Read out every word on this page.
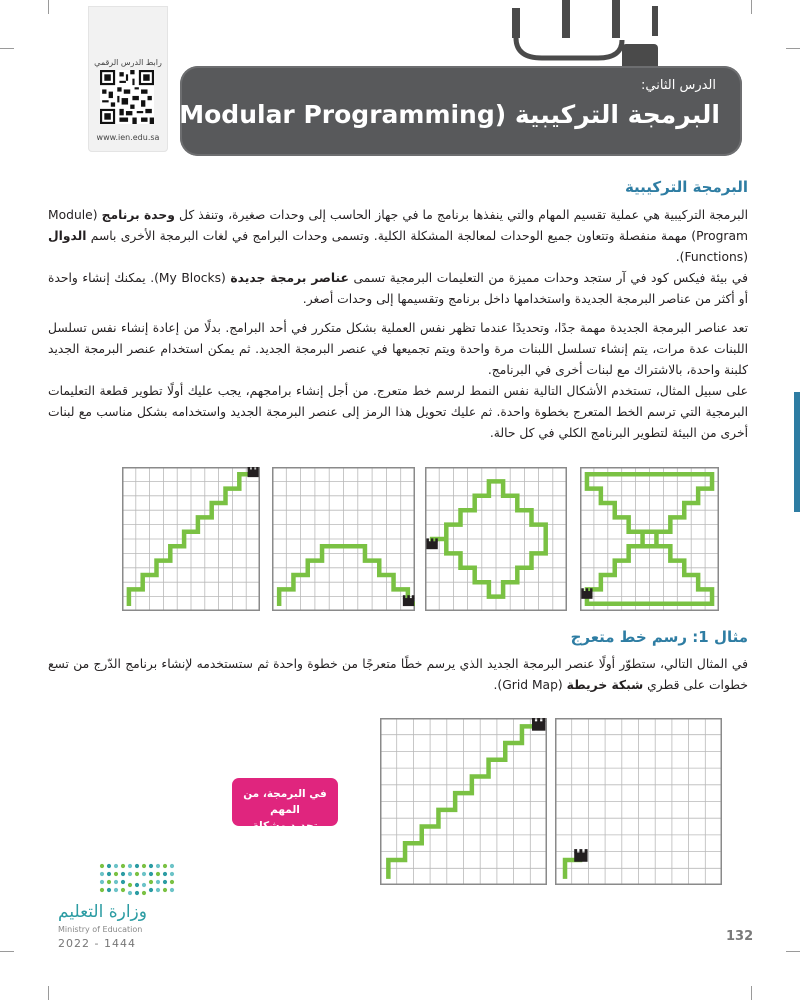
رابط الدرس الرقمي
www.ien.edu.sa
الدرس الثاني:
البرمجة التركيبية (Modular Programming)
البرمجة التركيبية
البرمجة التركيبية هي عملية تقسيم المهام والتي ينفذها برنامج ما في جهاز الحاسب إلى وحدات صغيرة، وتنفذ كل وحدة برنامج (Module Program) مهمة منفصلة وتتعاون جميع الوحدات لمعالجة المشكلة الكلية. وتسمى وحدات البرامج في لغات البرمجة الأخرى باسم الدوال (Functions).
في بيئة فيكس كود في آر ستجد وحدات مميزة من التعليمات البرمجية تسمى عناصر برمجة جديدة (My Blocks). يمكنك إنشاء واحدة أو أكثر من عناصر البرمجة الجديدة واستخدامها داخل برنامج وتقسيمها إلى وحدات أصغر.
تعد عناصر البرمجة الجديدة مهمة جدًا، وتحديدًا عندما تظهر نفس العملية بشكل متكرر في أحد البرامج. بدلًا من إعادة إنشاء نفس تسلسل اللبنات عدة مرات، يتم إنشاء تسلسل اللبنات مرة واحدة ويتم تجميعها في عنصر البرمجة الجديد. ثم يمكن استخدام عنصر البرمجة الجديد كلبنة واحدة، بالاشتراك مع لبنات أخرى في البرنامج.
على سبيل المثال، تستخدم الأشكال التالية نفس النمط لرسم خط متعرج. من أجل إنشاء برامجهم، يجب عليك أولًا تطوير قطعة التعليمات البرمجية التي ترسم الخط المتعرج بخطوة واحدة. ثم عليك تحويل هذا الرمز إلى عنصر البرمجة الجديد واستخدامه بشكل مناسب مع لبنات أخرى من البيئة لتطوير البرنامج الكلي في كل حالة.
مثال 1: رسم خط متعرج
في المثال التالي، ستطوّر أولًا عنصر البرمجة الجديد الذي يرسم خطًا متعرجًا من خطوة واحدة ثم ستستخدمه لإنشاء برنامج الدّرج من تسع خطوات على قطري شبكة خريطة (Grid Map).
في البرمجة، من المهم
تحديد مشكلة الأنماط.
وزارة التعليم
Ministry of Education
2022 - 1444	132
